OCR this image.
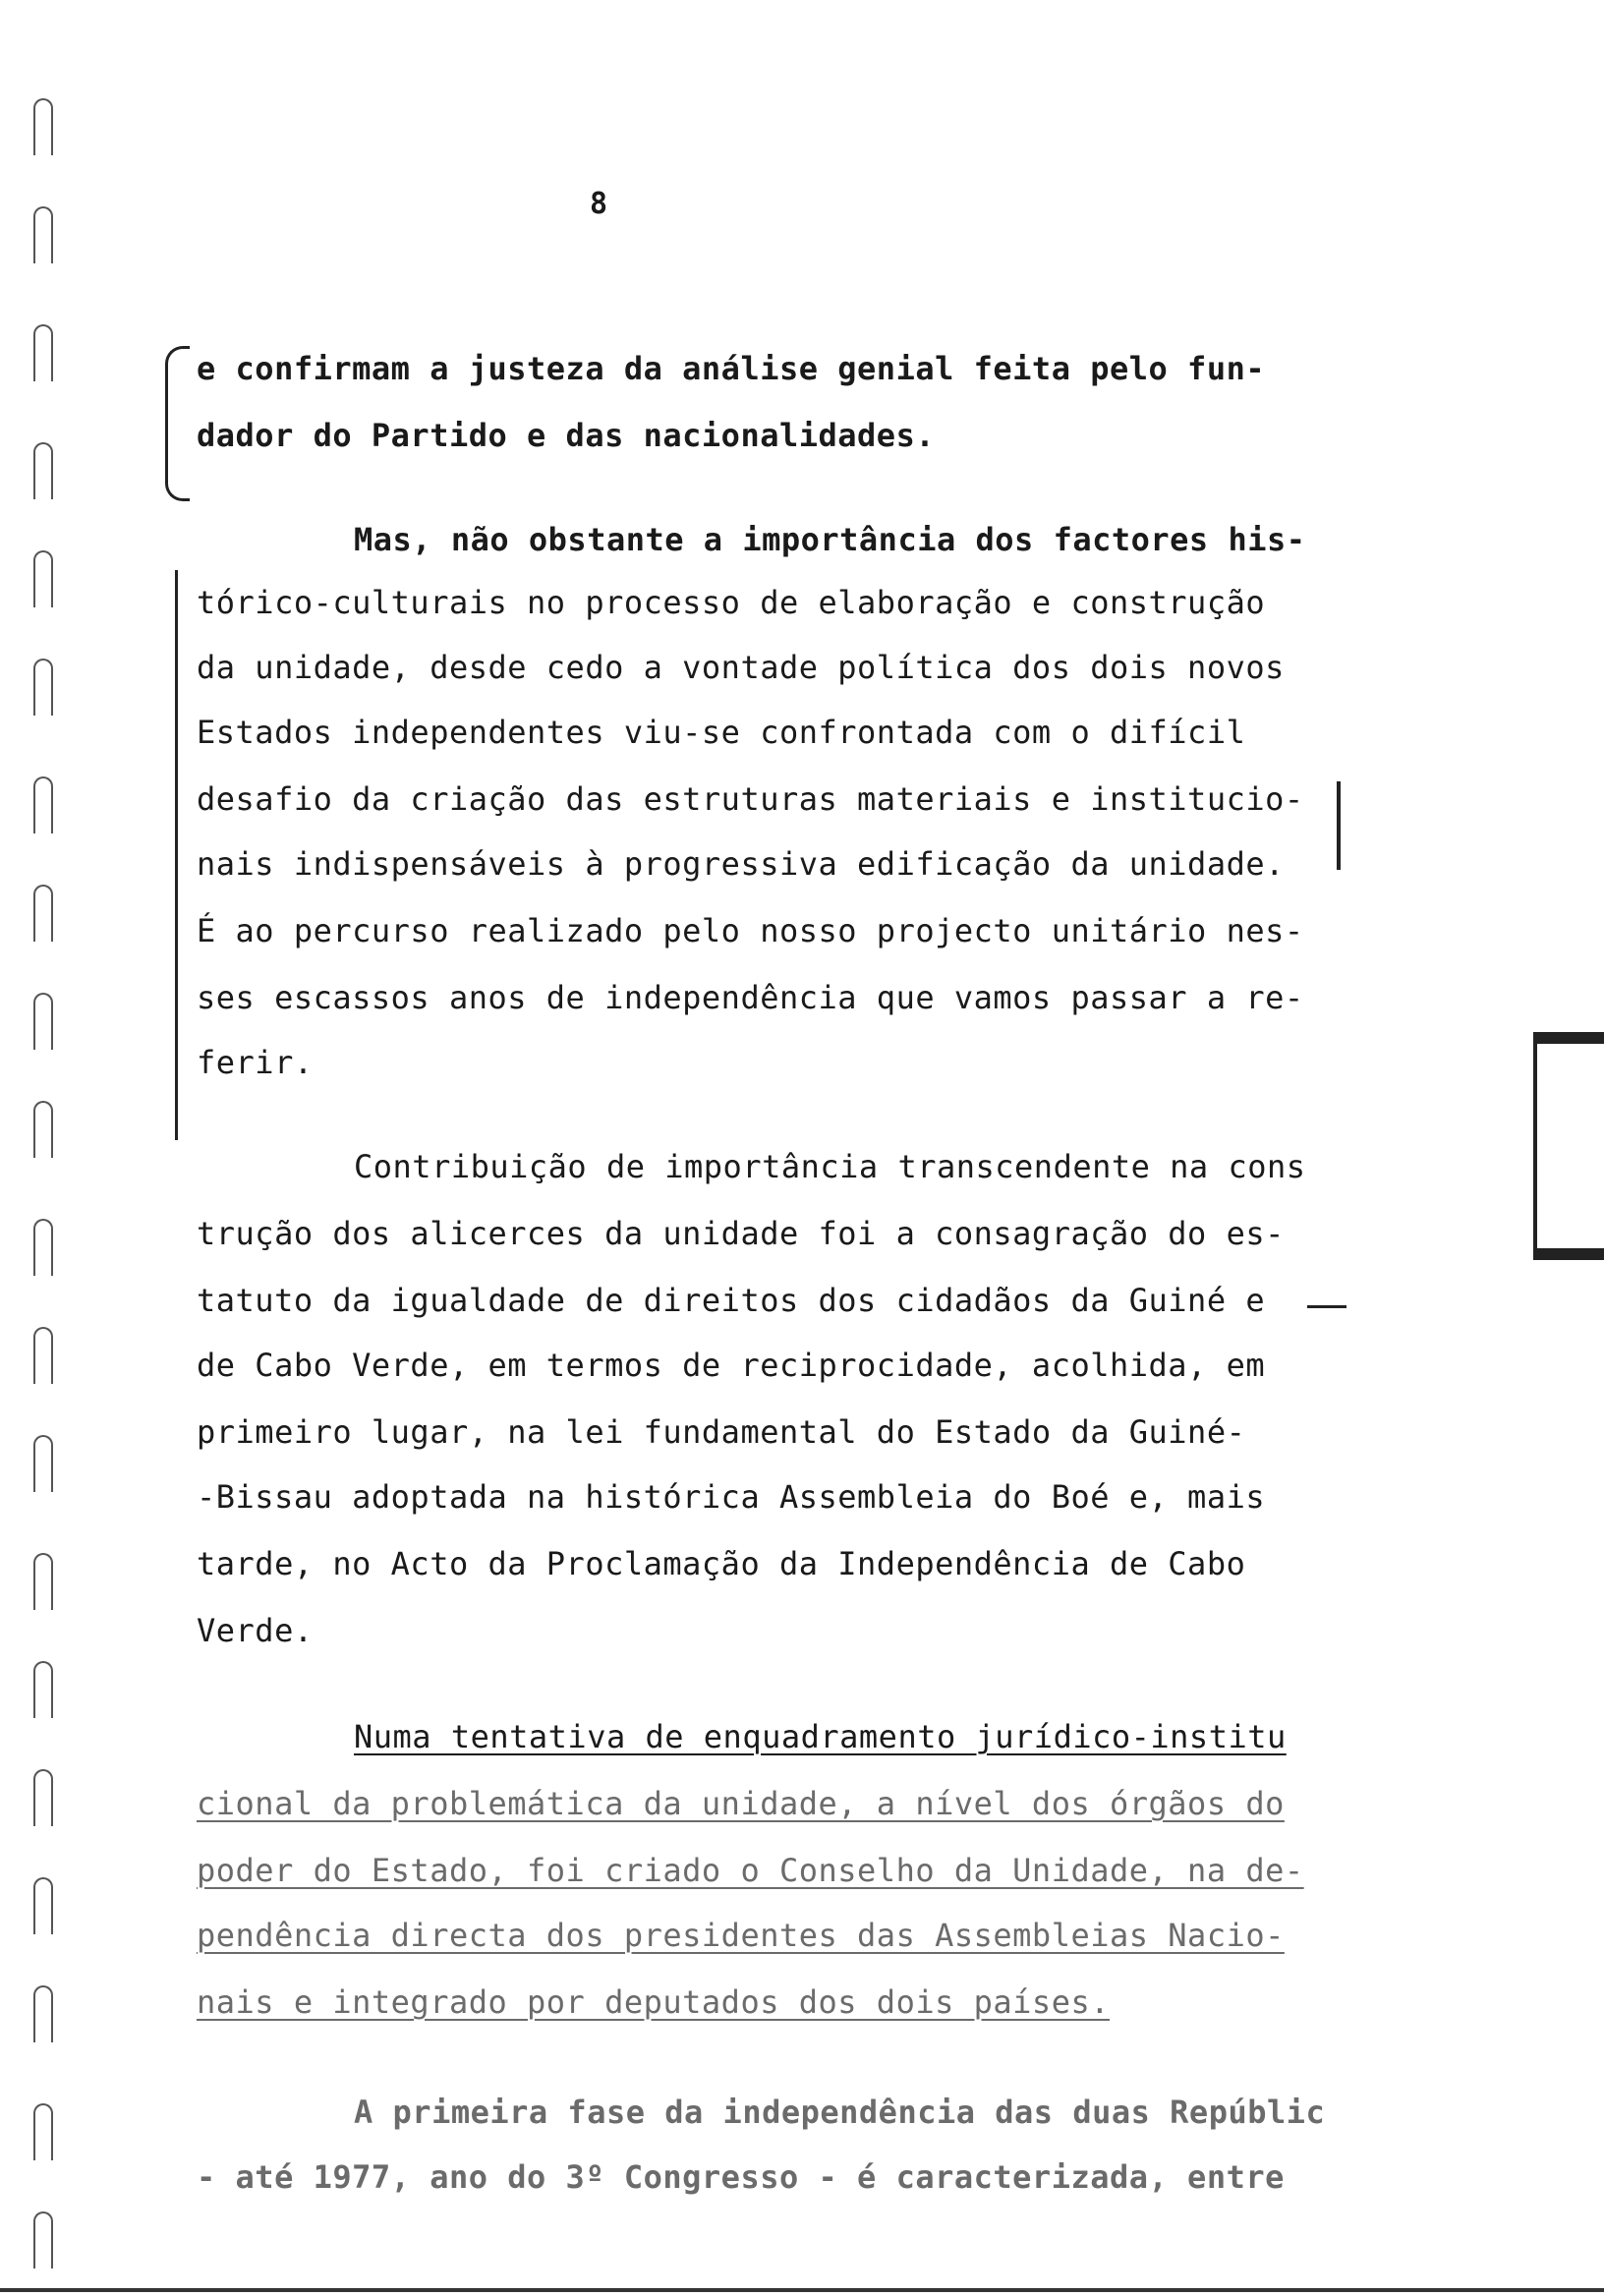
8

e confirmam a justeza da análise genial feita pelo fun-

dador do Partido e das nacionalidades.

Mas, não obstante a importância dos factores his-

tórico-culturais no processo de elaboração e construção

da unidade, desde cedo a vontade política dos dois novos

Estados independentes viu-se confrontada com o difícil

desafio da criação das estruturas materiais e institucio-

nais indispensáveis à progressiva edificação da unidade.

É ao percurso realizado pelo nosso projecto unitário nes-

ses escassos anos de independência que vamos passar a re-

ferir.

Contribuição de importância transcendente na cons

trução dos alicerces da unidade foi a consagração do es-

tatuto da igualdade de direitos dos cidadãos da Guiné e

de Cabo Verde, em termos de reciprocidade, acolhida, em

primeiro lugar, na lei fundamental do Estado da Guiné-

-Bissau adoptada na histórica Assembleia do Boé e, mais

tarde, no Acto da Proclamação da Independência de Cabo

Verde.

Numa tentativa de enquadramento jurídico-institu

cional da problemática da unidade, a nível dos órgãos do

poder do Estado, foi criado o Conselho da Unidade, na de-

pendência directa dos presidentes das Assembleias Nacio-

nais e integrado por deputados dos dois países.

A primeira fase da independência das duas Repúblic

- até 1977, ano do 3º Congresso - é caracterizada, entre
